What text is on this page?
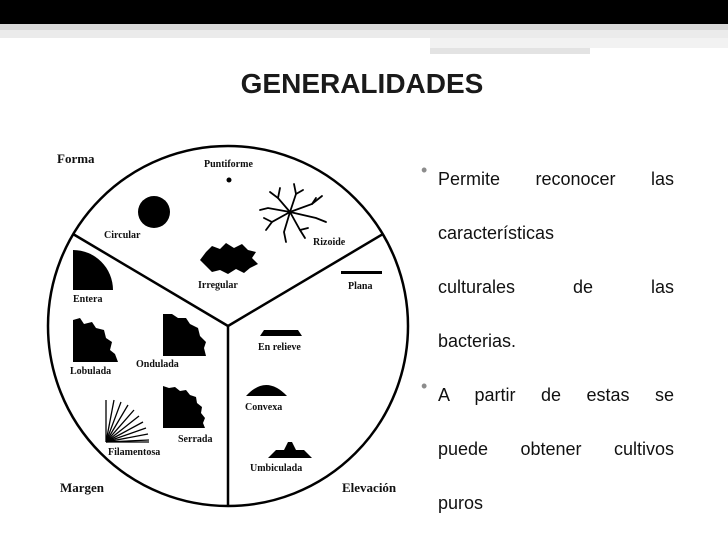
GENERALIDADES
Forma
Margen	Elevación
Puntiforme
Circular
Rizoide
Irregular
Entera
Lobulada
Ondulada
Filamentosa
Serrada
Plana
En relieve
Convexa
Umbiculada
• Permite reconocer las
características
culturales de las
bacterias.
• A partir de estas se
puede obtener cultivos
puros
